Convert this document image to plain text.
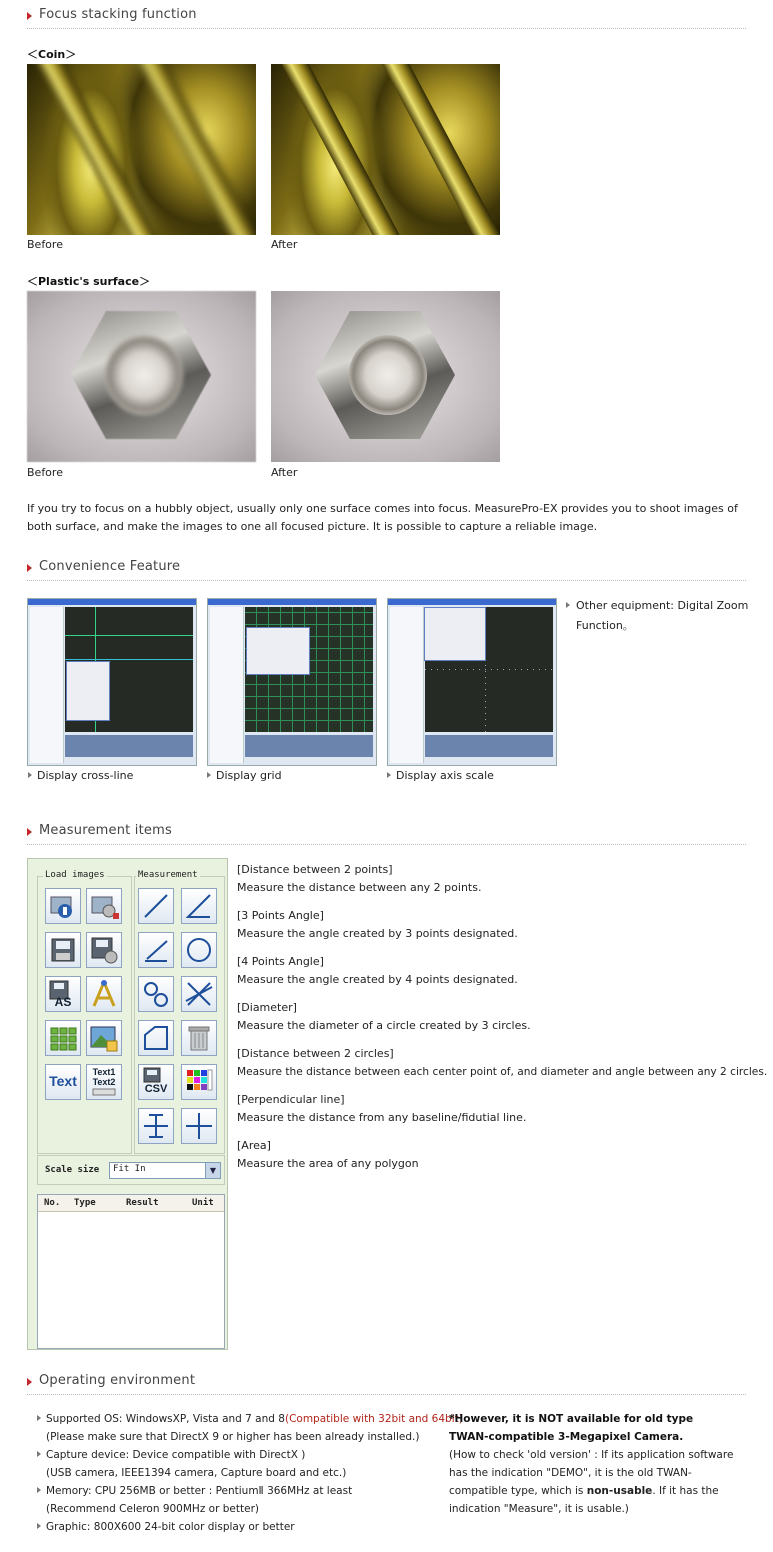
Focus stacking function
＜Coin＞
Before	After
＜Plastic's surface＞
Before	After
If you try to focus on a hubbly object, usually only one surface comes into focus. MeasurePro-EX provides you to shoot images of both surface, and make the images to one all focused picture. It is possible to capture a reliable image.
Convenience Feature
Display cross-line	Display grid	Display axis scale
Other equipment: Digital Zoom
Function。
Measurement items
Load images	Measurement
AS
Text
Text1
Text2
CSV
Scale size Fit In	▼
No. Type	Result	Unit
[Distance between 2 points]
Measure the distance between any 2 points.
[3 Points Angle]
Measure the angle created by 3 points designated.
[4 Points Angle]
Measure the angle created by 4 points designated.
[Diameter]
Measure the diameter of a circle created by 3 circles.
[Distance between 2 circles]
Measure the distance between each center point of, and diameter and angle between any 2 circles.
[Perpendicular line]
Measure the distance from any baseline/fidutial line.
[Area]
Measure the area of any polygon
Operating environment
Supported OS: WindowsXP, Vista and 7 and 8(Compatible with 32bit and 64bit)
(Please make sure that DirectX 9 or higher has been already installed.)
Capture device: Device compatible with DirectX )
(USB camera, IEEE1394 camera, Capture board and etc.)
Memory: CPU 256MB or better : PentiumⅡ 366MHz at least
(Recommend Celeron 900MHz or better)
Graphic: 800X600 24-bit color display or better
*However, it is NOT available for old type
TWAN-compatible 3-Megapixel Camera.
(How to check 'old version' : If its application software
has the indication "DEMO", it is the old TWAN-
compatible type, which is non-usable. If it has the
indication "Measure", it is usable.)
